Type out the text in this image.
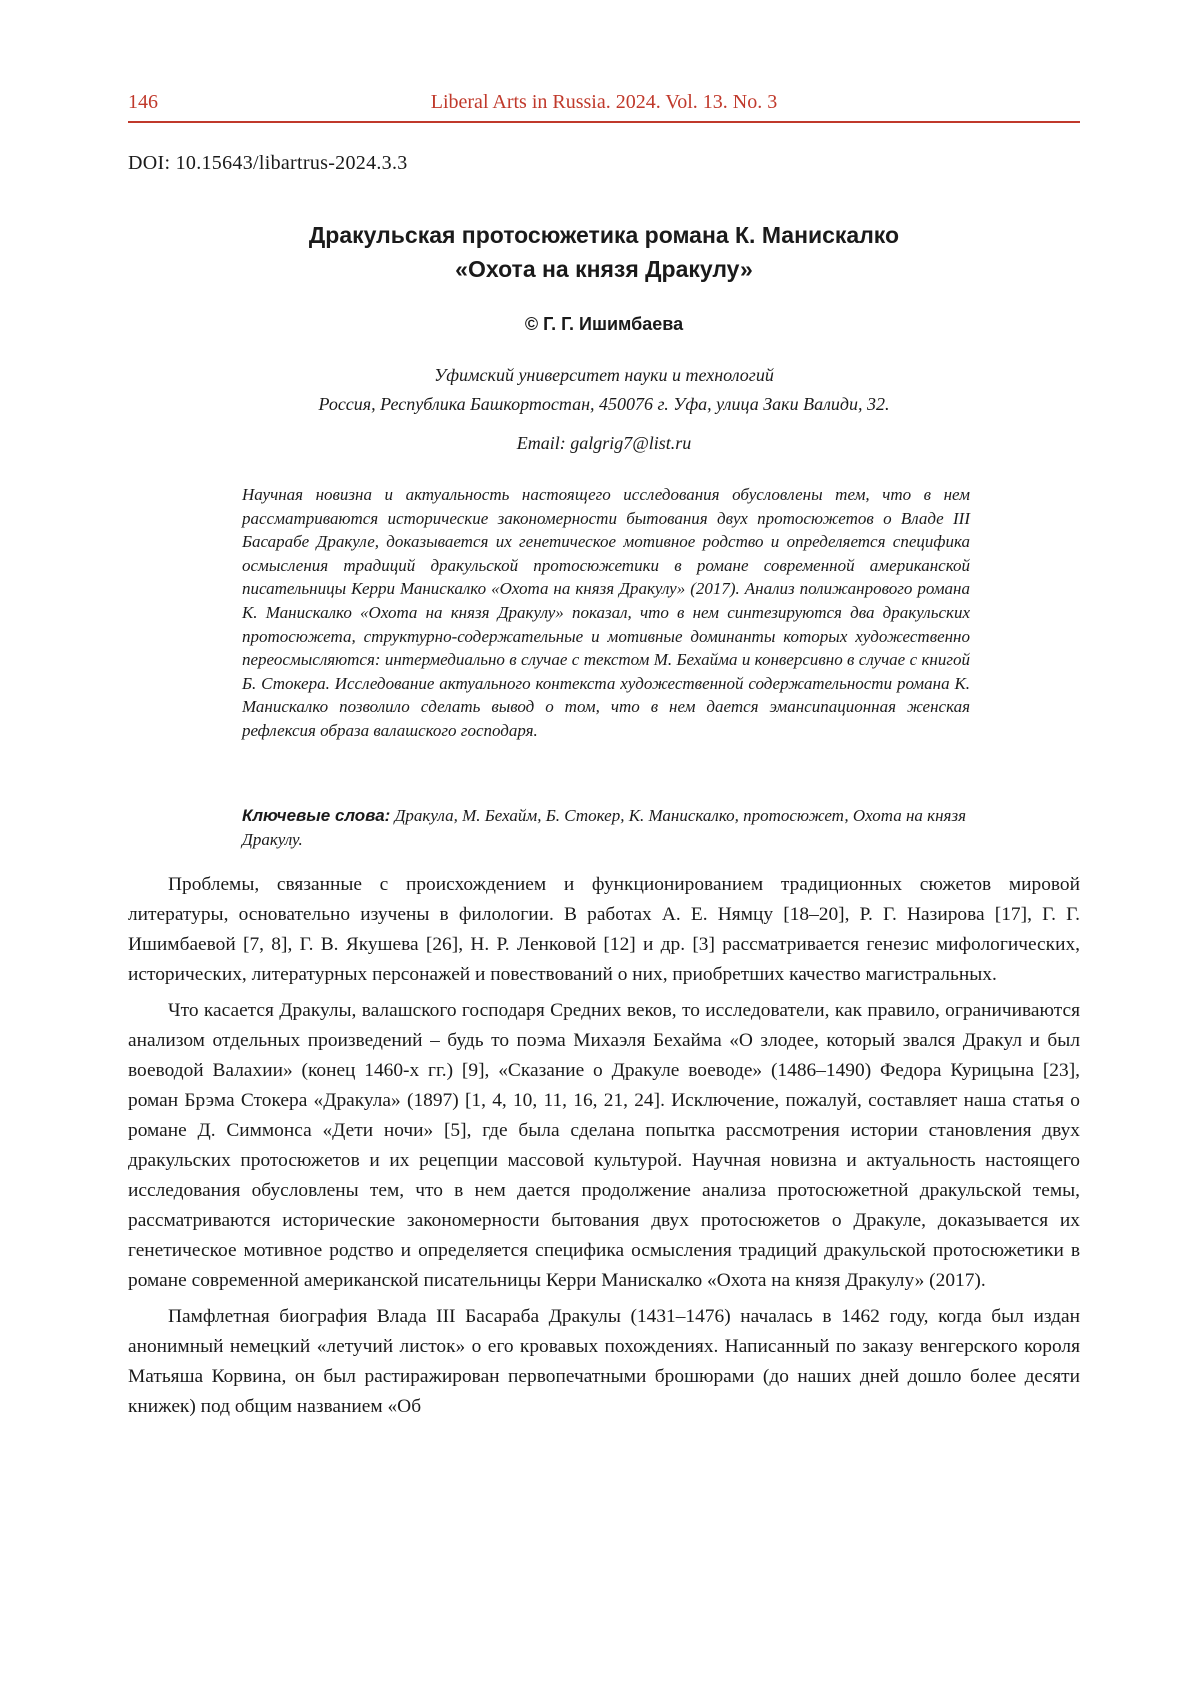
146	Liberal Arts in Russia. 2024. Vol. 13. No. 3
DOI: 10.15643/libartrus-2024.3.3
Дракульская протосюжетика романа К. Манискалко
«Охота на князя Дракулу»
© Г. Г. Ишимбаева
Уфимский университет науки и технологий
Россия, Республика Башкортостан, 450076 г. Уфа, улица Заки Валиди, 32.
Email: galgrig7@list.ru

Научная новизна и актуальность настоящего исследования обусловлены тем, что в нем рассматриваются исторические закономерности бытования двух протосюжетов о Владе III Басарабе Дракуле, доказывается их генетическое мотивное родство и определяется специфика осмысления традиций дракульской протосюжетики в романе современной американской писательницы Керри Манискалко «Охота на князя Дракулу» (2017). Анализ полижанрового романа К. Манискалко «Охота на князя Дракулу» показал, что в нем синтезируются два дракульских протосюжета, структурно-содержательные и мотивные доминанты которых художественно переосмысляются: интермедиально в случае с текстом М. Бехайма и конверсивно в случае с книгой Б. Стокера. Исследование актуального контекста художественной содержательности романа К. Манискалко позволило сделать вывод о том, что в нем дается эмансипационная женская рефлексия образа валашского господаря.

Ключевые слова: Дракула, М. Бехайм, Б. Стокер, К. Манискалко, протосюжет, Охота на князя Дракулу.

Проблемы, связанные с происхождением и функционированием традиционных сюжетов мировой литературы, основательно изучены в филологии. В работах А. Е. Нямцу [18–20], Р. Г. Назирова [17], Г. Г. Ишимбаевой [7, 8], Г. В. Якушева [26], Н. Р. Ленковой [12] и др. [3] рассматривается генезис мифологических, исторических, литературных персонажей и повествований о них, приобретших качество магистральных.

Что касается Дракулы, валашского господаря Средних веков, то исследователи, как правило, ограничиваются анализом отдельных произведений – будь то поэма Михаэля Бехайма «О злодее, который звался Дракул и был воеводой Валахии» (конец 1460-х гг.) [9], «Сказание о Дракуле воеводе» (1486–1490) Федора Курицына [23], роман Брэма Стокера «Дракула» (1897) [1, 4, 10, 11, 16, 21, 24]. Исключение, пожалуй, составляет наша статья о романе Д. Симмонса «Дети ночи» [5], где была сделана попытка рассмотрения истории становления двух дракульских протосюжетов и их рецепции массовой культурой. Научная новизна и актуальность настоящего исследования обусловлены тем, что в нем дается продолжение анализа протосюжетной дракульской темы, рассматриваются исторические закономерности бытования двух протосюжетов о Дракуле, доказывается их генетическое мотивное родство и определяется специфика осмысления традиций дракульской протосюжетики в романе современной американской писательницы Керри Манискалко «Охота на князя Дракулу» (2017).

Памфлетная биография Влада III Басараба Дракулы (1431–1476) началась в 1462 году, когда был издан анонимный немецкий «летучий листок» о его кровавых похождениях. Написанный по заказу венгерского короля Матьяша Корвина, он был растиражирован первопечатными брошюрами (до наших дней дошло более десяти книжек) под общим названием «Об
